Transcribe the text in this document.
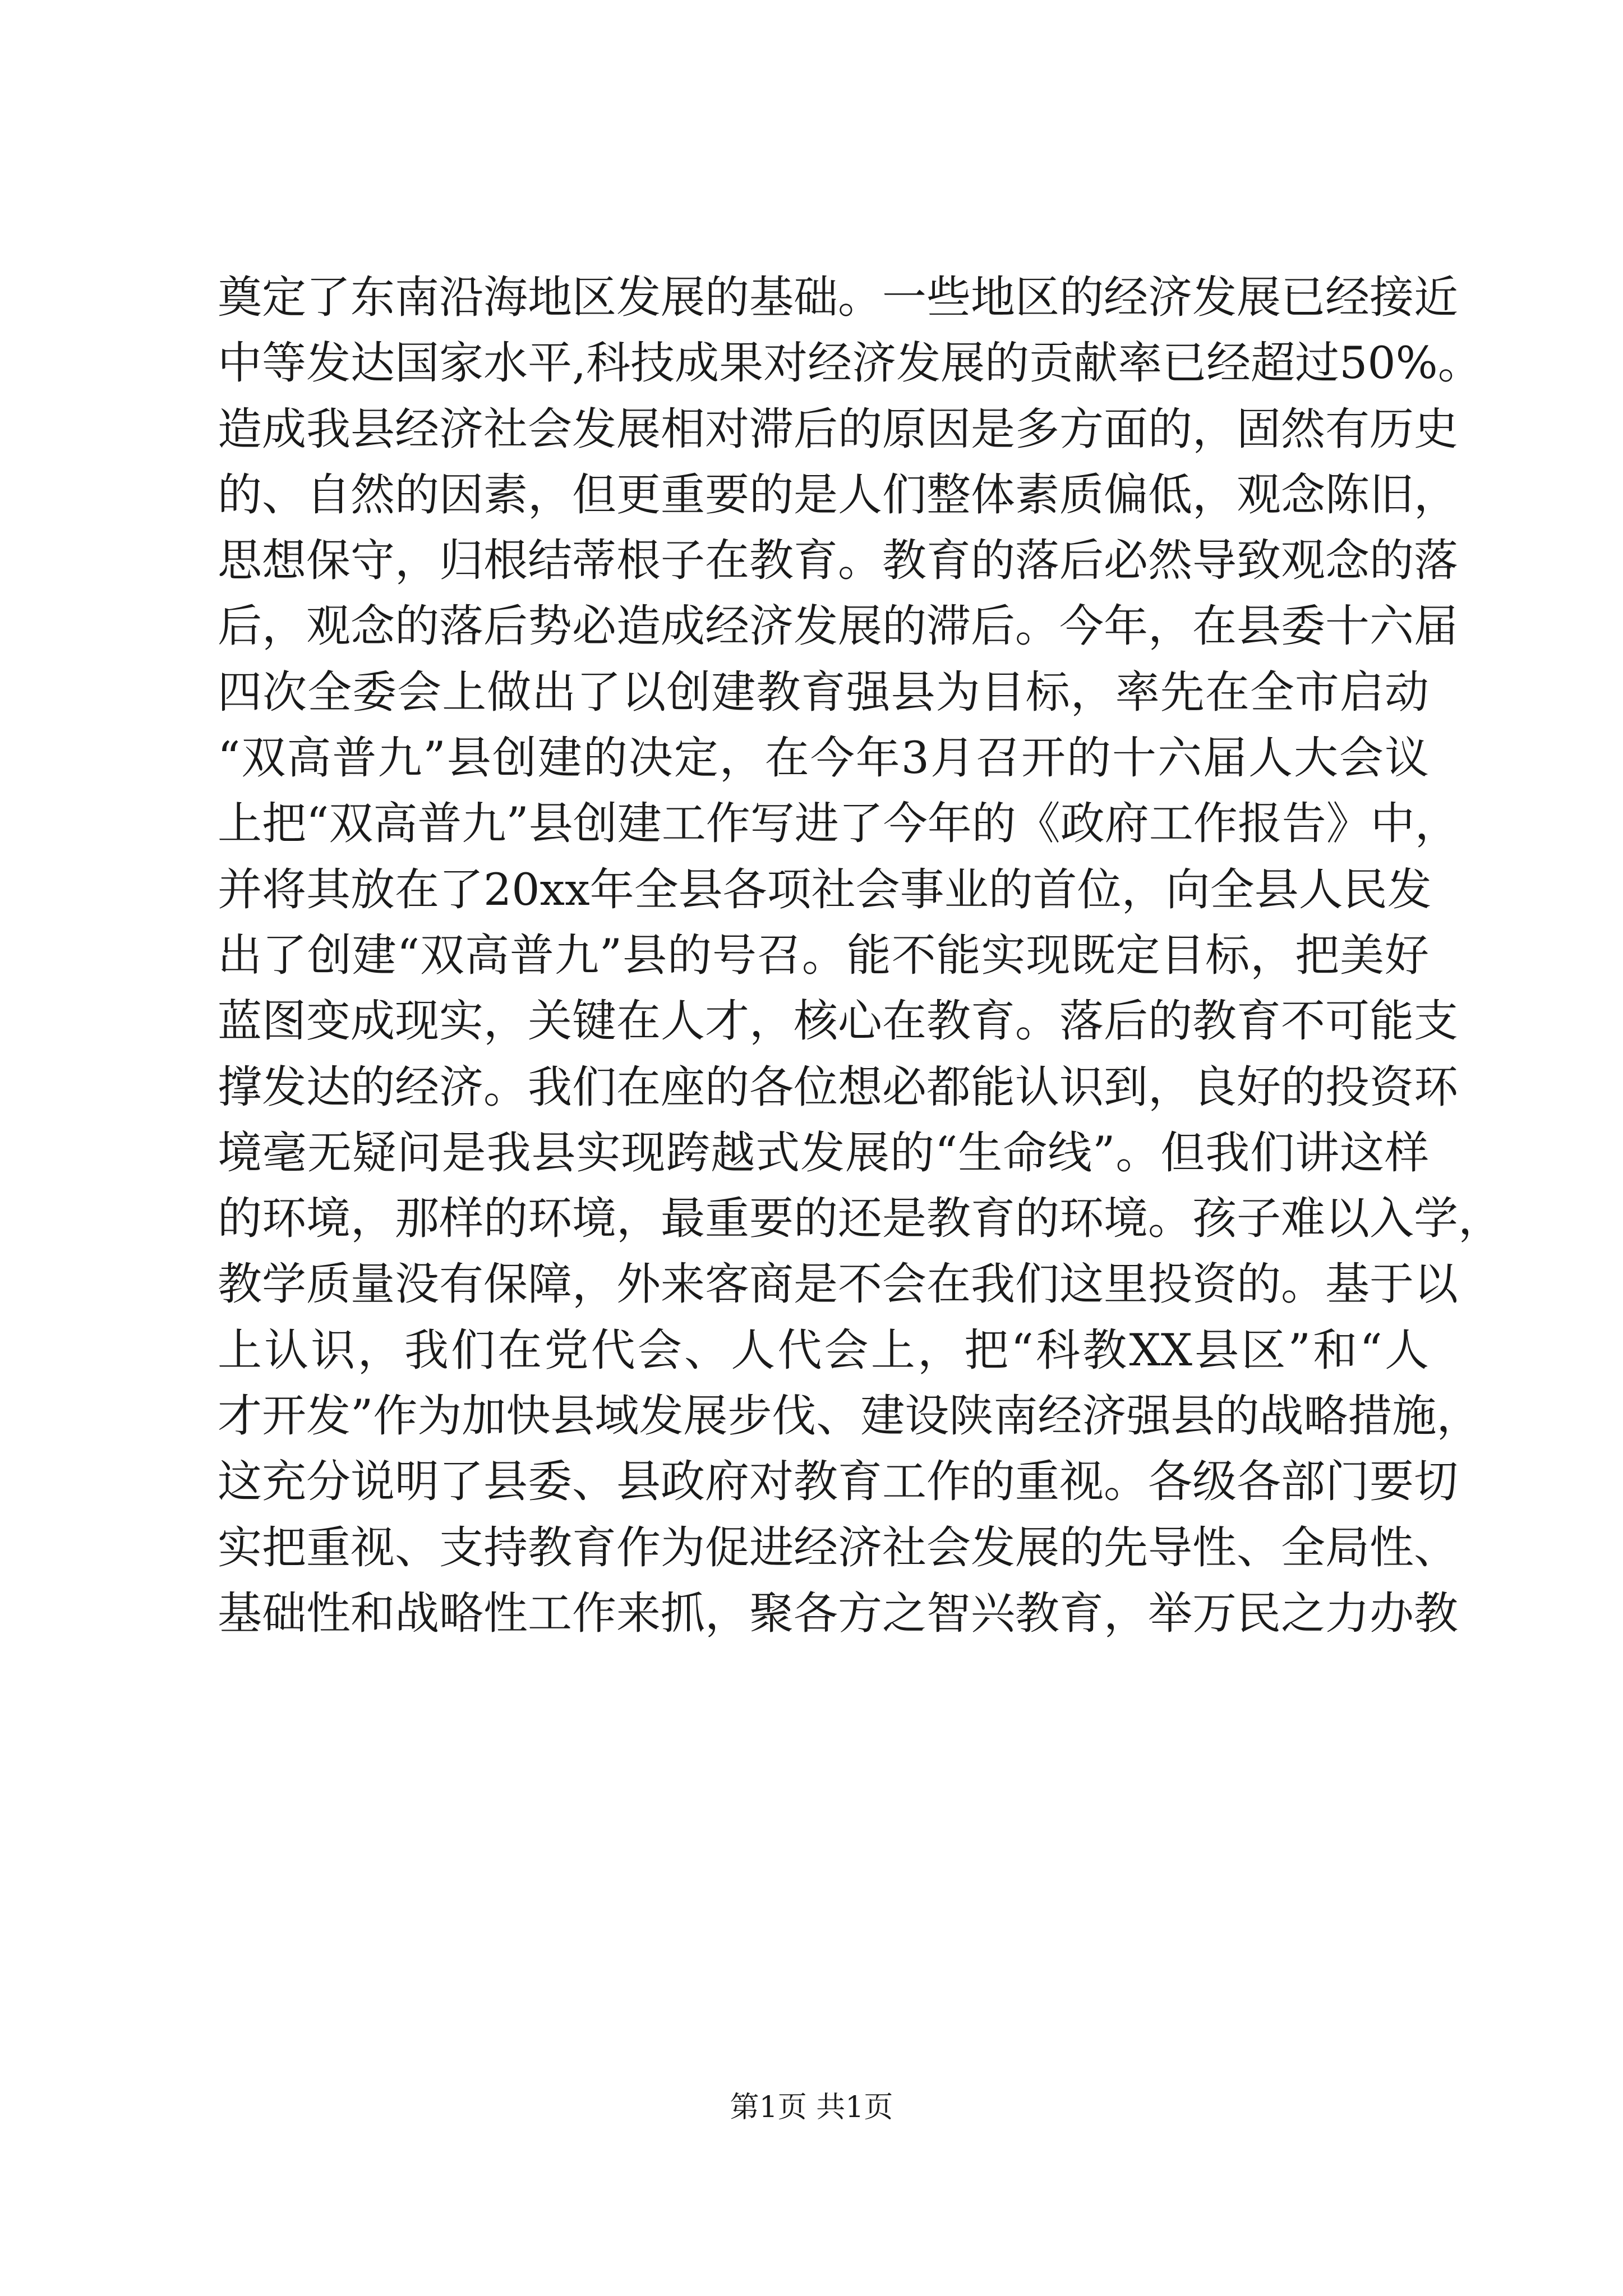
奠定了东南沿海地区发展的基础。一些地区的经济发展已经接近
中等发达国家水平,科技成果对经济发展的贡献率已经超过50%。
造成我县经济社会发展相对滞后的原因是多方面的，固然有历史
的、自然的因素，但更重要的是人们整体素质偏低，观念陈旧，
思想保守，归根结蒂根子在教育。教育的落后必然导致观念的落
后，观念的落后势必造成经济发展的滞后。今年，在县委十六届
四次全委会上做出了以创建教育强县为目标，率先在全市启动
“双高普九”县创建的决定，在今年3月召开的十六届人大会议
上把“双高普九”县创建工作写进了今年的《政府工作报告》中，
并将其放在了20xx年全县各项社会事业的首位，向全县人民发
出了创建“双高普九”县的号召。能不能实现既定目标，把美好
蓝图变成现实，关键在人才，核心在教育。落后的教育不可能支
撑发达的经济。我们在座的各位想必都能认识到，良好的投资环
境毫无疑问是我县实现跨越式发展的“生命线”。但我们讲这样
的环境，那样的环境，最重要的还是教育的环境。孩子难以入学，
教学质量没有保障，外来客商是不会在我们这里投资的。基于以
上认识，我们在党代会、人代会上，把“科教XX县区”和“人
才开发”作为加快县域发展步伐、建设陕南经济强县的战略措施，
这充分说明了县委、县政府对教育工作的重视。各级各部门要切
实把重视、支持教育作为促进经济社会发展的先导性、全局性、
基础性和战略性工作来抓，聚各方之智兴教育，举万民之力办教
第1页 共1页
